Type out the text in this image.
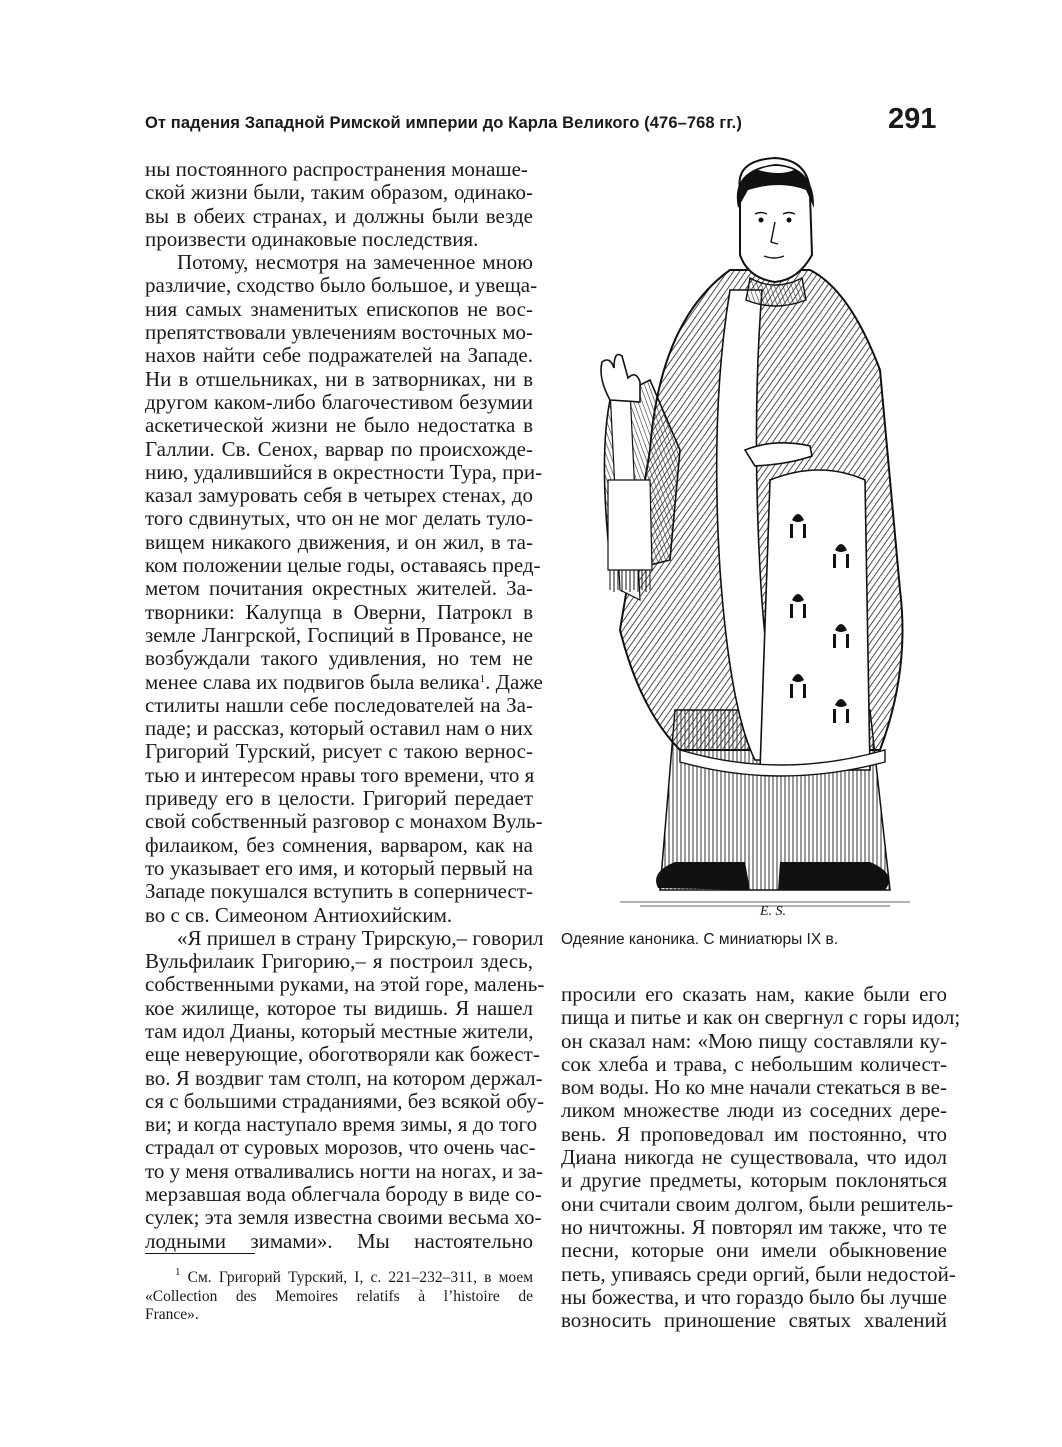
От падения Западной Римской империи до Карла Великого (476–768 гг.)	291
ны постоянного распространения монаше-
ской жизни были, таким образом, одинако-
вы в обеих странах, и должны были везде
произвести одинаковые последствия.
Потому, несмотря на замеченное мною
различие, сходство было большое, и увеща-
ния самых знаменитых епископов не вос-
препятствовали увлечениям восточных мо-
нахов найти себе подражателей на Западе.
Ни в отшельниках, ни в затворниках, ни в
другом каком-либо благочестивом безумии
аскетической жизни не было недостатка в
Галлии. Св. Сенох, варвар по происхожде-
нию, удалившийся в окрестности Тура, при-
казал замуровать себя в четырех стенах, до
того сдвинутых, что он не мог делать туло-
вищем никакого движения, и он жил, в та-
ком положении целые годы, оставаясь пред-
метом почитания окрестных жителей. За-
творники: Калупца в Оверни, Патрокл в
земле Лангрской, Госпиций в Провансе, не
возбуждали такого удивления, но тем не
менее слава их подвигов была велика$^1$. Даже
стилиты нашли себе последователей на За-
паде; и рассказ, который оставил нам о них
Григорий Турский, рисует с такою вернос-
тью и интересом нравы того времени, что я
приведу его в целости. Григорий передает
свой собственный разговор с монахом Вуль-
филаиком, без сомнения, варваром, как на
то указывает его имя, и который первый на
Западе покушался вступить в соперничест-
во с св. Симеоном Антиохийским.
«Я пришел в страну Трирскую,– говорил
Вульфилаик Григорию,– я построил здесь,
собственными руками, на этой горе, малень-
кое жилище, которое ты видишь. Я нашел
там идол Дианы, который местные жители,
еще неверующие, обоготворяли как божест-
во. Я воздвиг там столп, на котором держал-
ся с большими страданиями, без всякой обу-
ви; и когда наступало время зимы, я до того
страдал от суровых морозов, что очень час-
то у меня отваливались ногти на ногах, и за-
мерзавшая вода облегчала бороду в виде со-
сулек; эта земля известна своими весьма хо-
лодными зимами». Мы настоятельно
E. S.
Одеяние каноника. С миниатюры IX в.
просили его сказать нам, какие были его
пища и питье и как он свергнул с горы идол;
он сказал нам: «Мою пищу составляли ку-
сок хлеба и трава, с небольшим количест-
вом воды. Но ко мне начали стекаться в ве-
ликом множестве люди из соседних дере-
вень. Я проповедовал им постоянно, что
Диана никогда не существовала, что идол
и другие предметы, которым поклоняться
они считали своим долгом, были решитель-
но ничтожны. Я повторял им также, что те
песни, которые они имели обыкновение
петь, упиваясь среди оргий, были недостой-
ны божества, и что гораздо было бы лучше
возносить приношение святых хвалений
$^1$ См. Григорий Турский, I, с. 221–232–311, в моем
«Collection des Memoires relatifs à l’histoire de
France».
